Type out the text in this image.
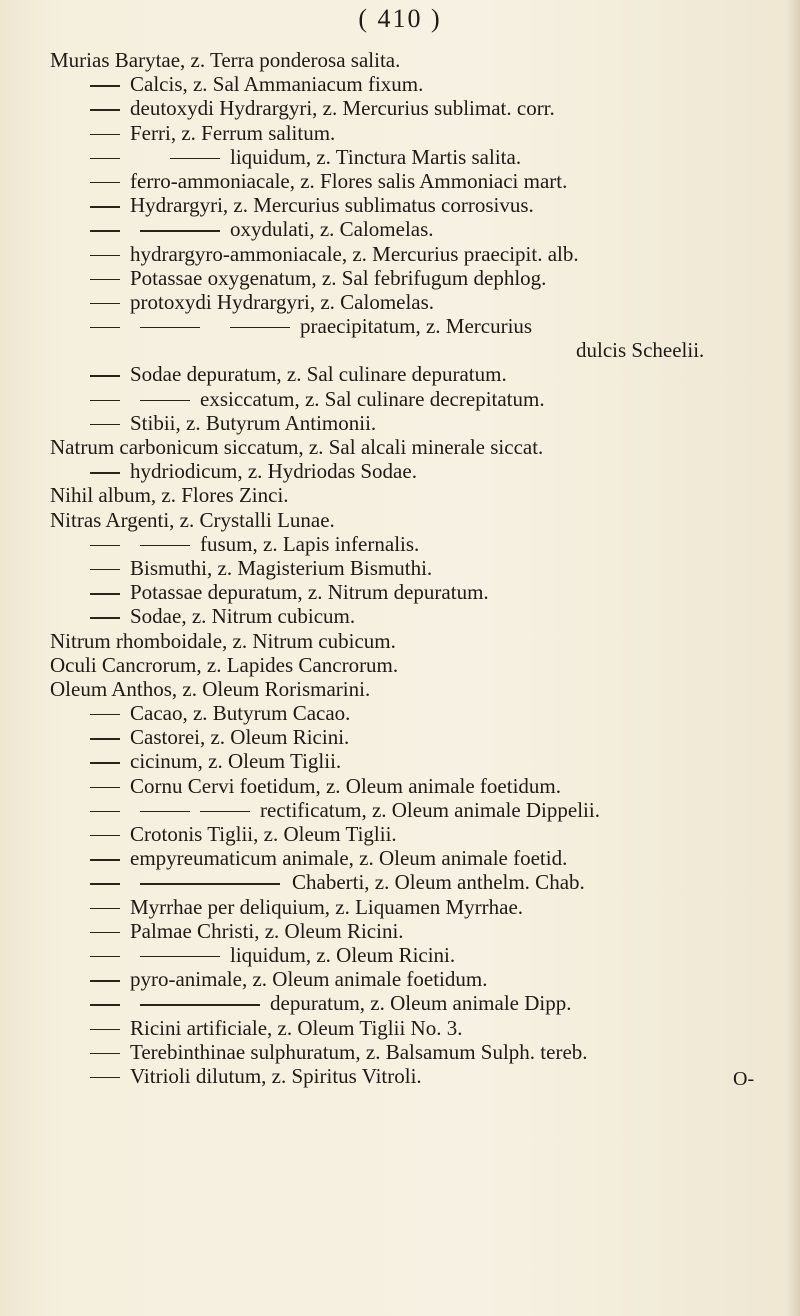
( 410 )
Murias Barytae, z. Terra ponderosa salita.
Calcis, z. Sal Ammaniacum fixum.
deutoxydi Hydrargyri, z. Mercurius sublimat. corr.
Ferri, z. Ferrum salitum.
liquidum, z. Tinctura Martis salita.
ferro-ammoniacale, z. Flores salis Ammoniaci mart.
Hydrargyri, z. Mercurius sublimatus corrosivus.
oxydulati, z. Calomelas.
hydrargyro-ammoniacale, z. Mercurius praecipit. alb.
Potassae oxygenatum, z. Sal febrifugum dephlog.
protoxydi Hydrargyri, z. Calomelas.
praecipitatum, z. Mercurius
dulcis Scheelii.
Sodae depuratum, z. Sal culinare depuratum.
exsiccatum, z. Sal culinare decrepitatum.
Stibii, z. Butyrum Antimonii.
Natrum carbonicum siccatum, z. Sal alcali minerale siccat.
hydriodicum, z. Hydriodas Sodae.
Nihil album, z. Flores Zinci.
Nitras Argenti, z. Crystalli Lunae.
fusum, z. Lapis infernalis.
Bismuthi, z. Magisterium Bismuthi.
Potassae depuratum, z. Nitrum depuratum.
Sodae, z. Nitrum cubicum.
Nitrum rhomboidale, z. Nitrum cubicum.
Oculi Cancrorum, z. Lapides Cancrorum.
Oleum Anthos, z. Oleum Rorismarini.
Cacao, z. Butyrum Cacao.
Castorei, z. Oleum Ricini.
cicinum, z. Oleum Tiglii.
Cornu Cervi foetidum, z. Oleum animale foetidum.
rectificatum, z. Oleum animale Dippelii.
Crotonis Tiglii, z. Oleum Tiglii.
empyreumaticum animale, z. Oleum animale foetid.
Chaberti, z. Oleum anthelm. Chab.
Myrrhae per deliquium, z. Liquamen Myrrhae.
Palmae Christi, z. Oleum Ricini.
liquidum, z. Oleum Ricini.
pyro-animale, z. Oleum animale foetidum.
depuratum, z. Oleum animale Dipp.
Ricini artificiale, z. Oleum Tiglii No. 3.
Terebinthinae sulphuratum, z. Balsamum Sulph. tereb.
Vitrioli dilutum, z. Spiritus Vitroli.	O-
